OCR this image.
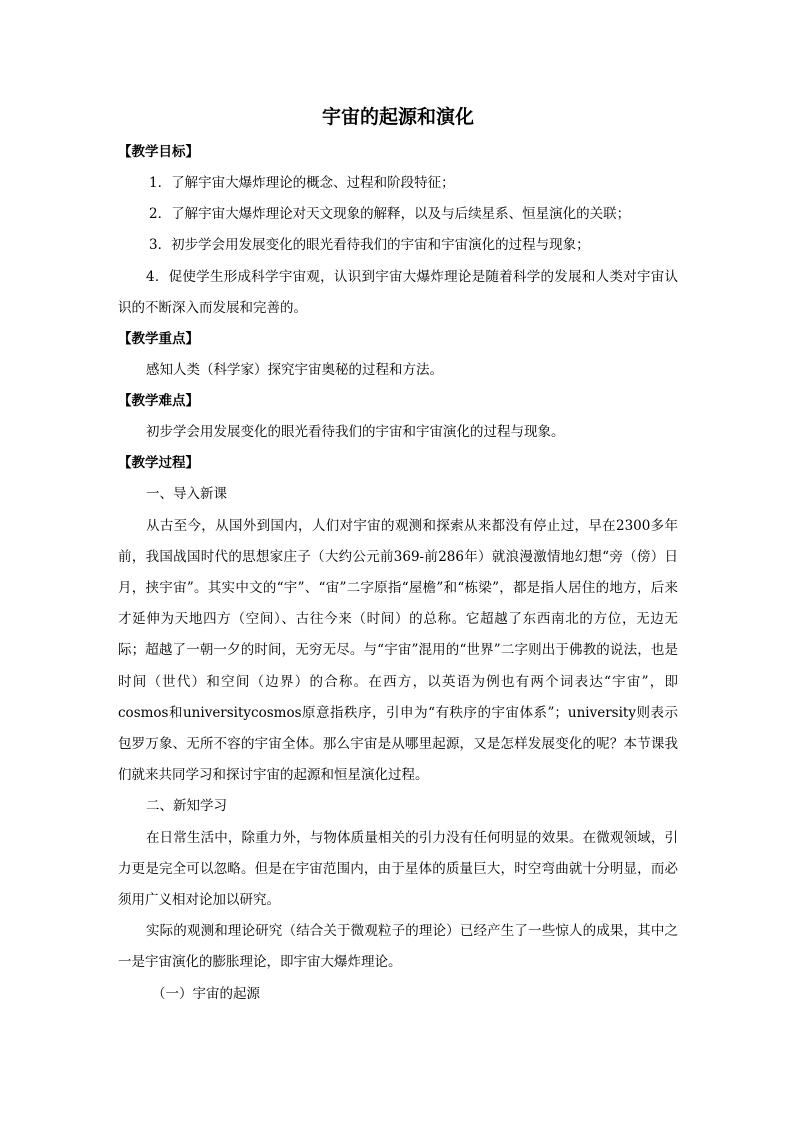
宇宙的起源和演化
【教学目标】
1．了解宇宙大爆炸理论的概念、过程和阶段特征；
2．了解宇宙大爆炸理论对天文现象的解释，以及与后续星系、恒星演化的关联；
3．初步学会用发展变化的眼光看待我们的宇宙和宇宙演化的过程与现象；
4．促使学生形成科学宇宙观，认识到宇宙大爆炸理论是随着科学的发展和人类对宇宙认识的不断深入而发展和完善的。
【教学重点】
感知人类（科学家）探究宇宙奥秘的过程和方法。
【教学难点】
初步学会用发展变化的眼光看待我们的宇宙和宇宙演化的过程与现象。
【教学过程】
一、导入新课
从古至今，从国外到国内，人们对宇宙的观测和探索从来都没有停止过，早在2300多年前，我国战国时代的思想家庄子（大约公元前369-前286年）就浪漫激情地幻想“旁（傍）日月，挟宇宙”。其实中文的“宇”、“宙”二字原指“屋檐”和“栋梁”，都是指人居住的地方，后来才延伸为天地四方（空间）、古往今来（时间）的总称。它超越了东西南北的方位，无边无际；超越了一朝一夕的时间，无穷无尽。与“宇宙”混用的“世界”二字则出于佛教的说法，也是时间（世代）和空间（边界）的合称。在西方，以英语为例也有两个词表达“宇宙”，即cosmos和universitycosmos原意指秩序，引申为“有秩序的宇宙体系”；university则表示包罗万象、无所不容的宇宙全体。那么宇宙是从哪里起源，又是怎样发展变化的呢？本节课我们就来共同学习和探讨宇宙的起源和恒星演化过程。
二、新知学习
在日常生活中，除重力外，与物体质量相关的引力没有任何明显的效果。在微观领域，引力更是完全可以忽略。但是在宇宙范围内，由于星体的质量巨大，时空弯曲就十分明显，而必须用广义相对论加以研究。
实际的观测和理论研究（结合关于微观粒子的理论）已经产生了一些惊人的成果，其中之一是宇宙演化的膨胀理论，即宇宙大爆炸理论。
（一）宇宙的起源
